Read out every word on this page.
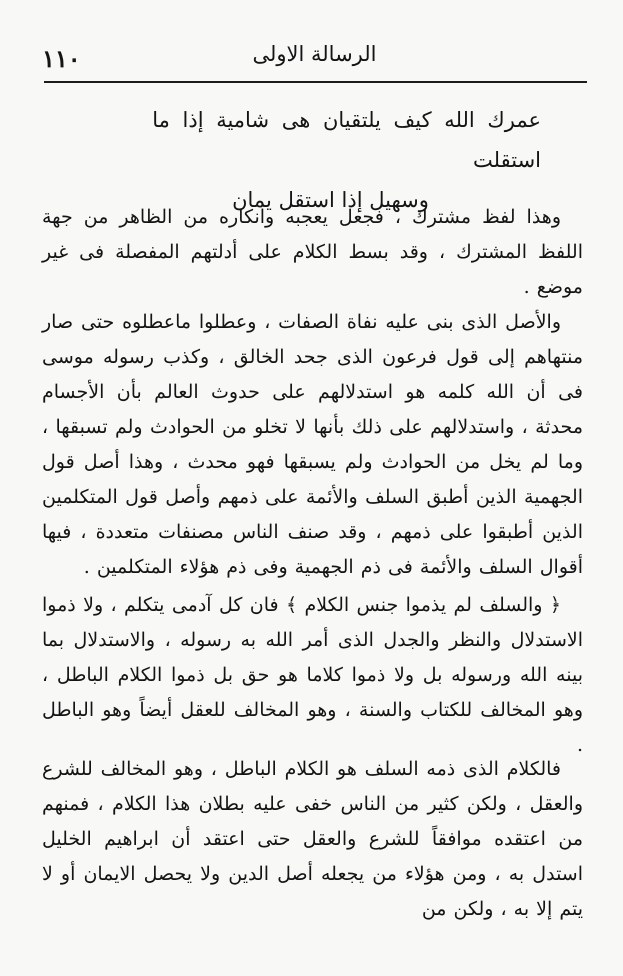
١١٠	الرسالة الاولى
عمرك الله كيف يلتقيان هى شامية إذا ما استقلت
وسهيل إذا استقل يمان

وهذا لفظ مشترك ، فجعل يعجبه وانكاره من الظاهر من جهة اللفظ المشترك ، وقد بسط الكلام على أدلتهم المفصلة فى غير موضع .

والأصل الذى بنى عليه نفاة الصفات ، وعطلوا ماعطلوه حتى صار منتهاهم إلى قول فرعون الذى جحد الخالق ، وكذب رسوله موسى فى أن الله كلمه هو استدلالهم على حدوث العالم بأن الأجسام محدثة ، واستدلالهم على ذلك بأنها لا تخلو من الحوادث ولم تسبقها ، وما لم يخل من الحوادث ولم يسبقها فهو محدث ، وهذا أصل قول الجهمية الذين أطبق السلف والأئمة على ذمهم وأصل قول المتكلمين الذين أطبقوا على ذمهم ، وقد صنف الناس مصنفات متعددة ، فيها أقوال السلف والأئمة فى ذم الجهمية وفى ذم هؤلاء المتكلمين .

﴿ والسلف لم يذموا جنس الكلام ﴾ فان كل آدمى يتكلم ، ولا ذموا الاستدلال والنظر والجدل الذى أمر الله به رسوله ، والاستدلال بما بينه الله ورسوله بل ولا ذموا كلاما هو حق بل ذموا الكلام الباطل ، وهو المخالف للكتاب والسنة ، وهو المخالف للعقل أيضاً وهو الباطل .

فالكلام الذى ذمه السلف هو الكلام الباطل ، وهو المخالف للشرع والعقل ، ولكن كثير من الناس خفى عليه بطلان هذا الكلام ، فمنهم من اعتقده موافقاً للشرع والعقل حتى اعتقد أن ابراهيم الخليل استدل به ، ومن هؤلاء من يجعله أصل الدين ولا يحصل الايمان أو لا يتم إلا به ، ولكن من
